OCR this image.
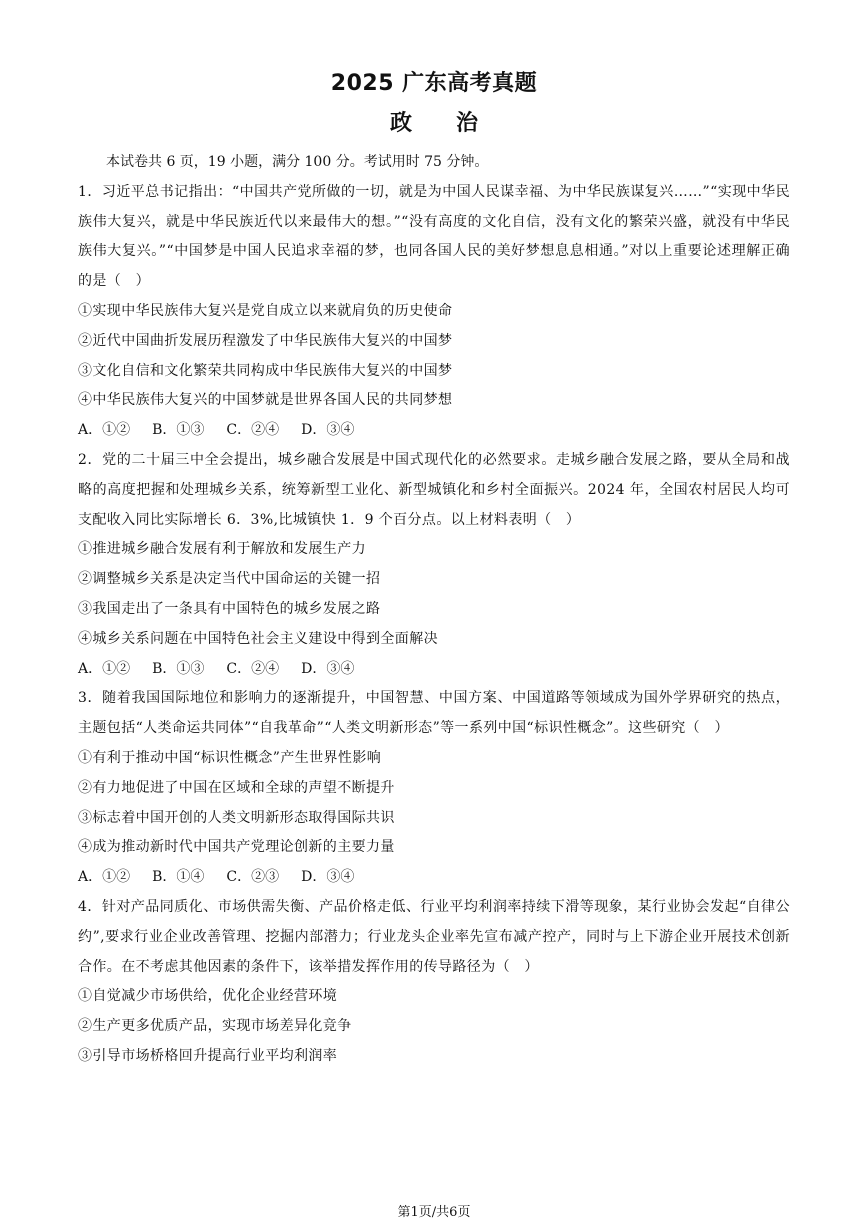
2025 广东高考真题
政 治

本试卷共 6 页，19 小题，满分 100 分。考试用时 75 分钟。

1．习近平总书记指出：“中国共产党所做的一切，就是为中国人民谋幸福、为中华民族谋复兴……”“实现中华民族伟大复兴，就是中华民族近代以来最伟大的想。”“没有高度的文化自信，没有文化的繁荣兴盛，就没有中华民族伟大复兴。”“中国梦是中国人民追求幸福的梦，也同各国人民的美好梦想息息相通。”对以上重要论述理解正确的是（　）

①实现中华民族伟大复兴是党自成立以来就肩负的历史使命

②近代中国曲折发展历程激发了中华民族伟大复兴的中国梦

③文化自信和文化繁荣共同构成中华民族伟大复兴的中国梦

④中华民族伟大复兴的中国梦就是世界各国人民的共同梦想

A．①② B．①③ C．②④ D．③④

2．党的二十届三中全会提出，城乡融合发展是中国式现代化的必然要求。走城乡融合发展之路，要从全局和战略的高度把握和处理城乡关系，统筹新型工业化、新型城镇化和乡村全面振兴。2024 年，全国农村居民人均可支配收入同比实际增长 6．3%,比城镇快 1．9 个百分点。以上材料表明（　）

①推进城乡融合发展有利于解放和发展生产力

②调整城乡关系是决定当代中国命运的关键一招

③我国走出了一条具有中国特色的城乡发展之路

④城乡关系问题在中国特色社会主义建设中得到全面解决

A．①② B．①③ C．②④ D．③④

3．随着我国国际地位和影响力的逐渐提升，中国智慧、中国方案、中国道路等领域成为国外学界研究的热点，主题包括“人类命运共同体”“自我革命”“人类文明新形态”等一系列中国“标识性概念”。这些研究（　）

①有利于推动中国“标识性概念”产生世界性影响

②有力地促进了中国在区域和全球的声望不断提升

③标志着中国开创的人类文明新形态取得国际共识

④成为推动新时代中国共产党理论创新的主要力量

A．①② B．①④ C．②③ D．③④

4．针对产品同质化、市场供需失衡、产品价格走低、行业平均利润率持续下滑等现象，某行业协会发起“自律公约”,要求行业企业改善管理、挖掘内部潜力；行业龙头企业率先宣布减产控产，同时与上下游企业开展技术创新合作。在不考虑其他因素的条件下，该举措发挥作用的传导路径为（　）

①自觉减少市场供给，优化企业经营环境

②生产更多优质产品，实现市场差异化竞争

③引导市场桥格回升提高行业平均利润率

第1页/共6页
